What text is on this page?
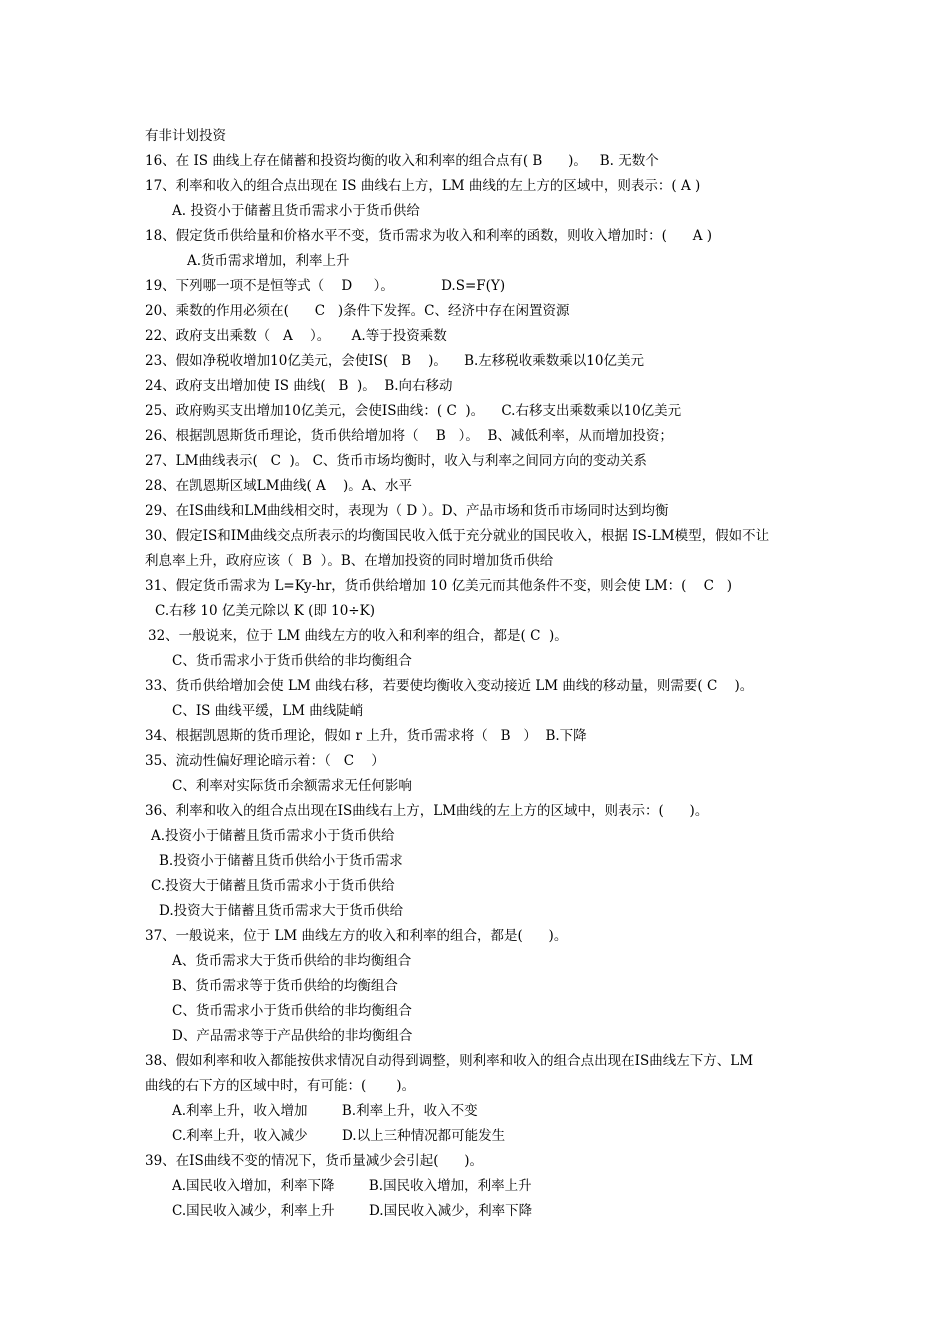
有非计划投资
16、在 IS 曲线上存在储蓄和投资均衡的收入和利率的组合点有( B      )。   B. 无数个
17、利率和收入的组合点出现在 IS 曲线右上方，LM 曲线的左上方的区域中，则表示：( A )
A. 投资小于储蓄且货币需求小于货币供给
18、假定货币供给量和价格水平不变，货币需求为收入和利率的函数，则收入增加时：(      A )
A.货币需求增加，利率上升
19、下列哪一项不是恒等式（    D     ）。           D.S=F(Y)
20、乘数的作用必须在(      C   )条件下发挥。C、经济中存在闲置资源
22、政府支出乘数（   A    ）。     A.等于投资乘数
23、假如净税收增加10亿美元，会使IS(   B    )。    B.左移税收乘数乘以10亿美元
24、政府支出增加使 IS 曲线(   B  )。  B.向右移动
25、政府购买支出增加10亿美元，会使IS曲线：( C  )。    C.右移支出乘数乘以10亿美元
26、根据凯恩斯货币理论，货币供给增加将（    B   ）。  B、减低利率，从而增加投资；
27、LM曲线表示(   C  )。 C、货币市场均衡时，收入与利率之间同方向的变动关系
28、在凯恩斯区域LM曲线( A    )。A、水平
29、在IS曲线和LM曲线相交时，表现为（ D ）。D、产品市场和货币市场同时达到均衡
30、假定IS和IM曲线交点所表示的均衡国民收入低于充分就业的国民收入，根据 IS-LM模型，假如不让
利息率上升，政府应该（  B  ）。B、在增加投资的同时增加货币供给
31、假定货币需求为 L=Ky-hr，货币供给增加 10 亿美元而其他条件不变，则会使 LM：(    C   )
C.右移 10 亿美元除以 K (即 10÷K)
32、一般说来，位于 LM 曲线左方的收入和利率的组合，都是( C  )。
C、货币需求小于货币供给的非均衡组合
33、货币供给增加会使 LM 曲线右移，若要使均衡收入变动接近 LM 曲线的移动量，则需要( C    )。
C、IS 曲线平缓，LM 曲线陡峭
34、根据凯恩斯的货币理论，假如 r 上升，货币需求将（   B   ）  B.下降
35、流动性偏好理论暗示着：（   C    ）
C、利率对实际货币余额需求无任何影响
36、利率和收入的组合点出现在IS曲线右上方，LM曲线的左上方的区域中，则表示：(      )。
A.投资小于储蓄且货币需求小于货币供给
B.投资小于储蓄且货币供给小于货币需求
C.投资大于储蓄且货币需求小于货币供给
D.投资大于储蓄且货币需求大于货币供给
37、一般说来，位于 LM 曲线左方的收入和利率的组合，都是(      )。
A、货币需求大于货币供给的非均衡组合
B、货币需求等于货币供给的均衡组合
C、货币需求小于货币供给的非均衡组合
D、产品需求等于产品供给的非均衡组合
38、假如利率和收入都能按供求情况自动得到调整，则利率和收入的组合点出现在IS曲线左下方、LM
曲线的右下方的区域中时，有可能：(       )。
A.利率上升，收入增加        B.利率上升，收入不变
C.利率上升，收入减少        D.以上三种情况都可能发生
39、在IS曲线不变的情况下，货币量减少会引起(      )。
A.国民收入增加，利率下降        B.国民收入增加，利率上升
C.国民收入减少，利率上升        D.国民收入减少，利率下降
